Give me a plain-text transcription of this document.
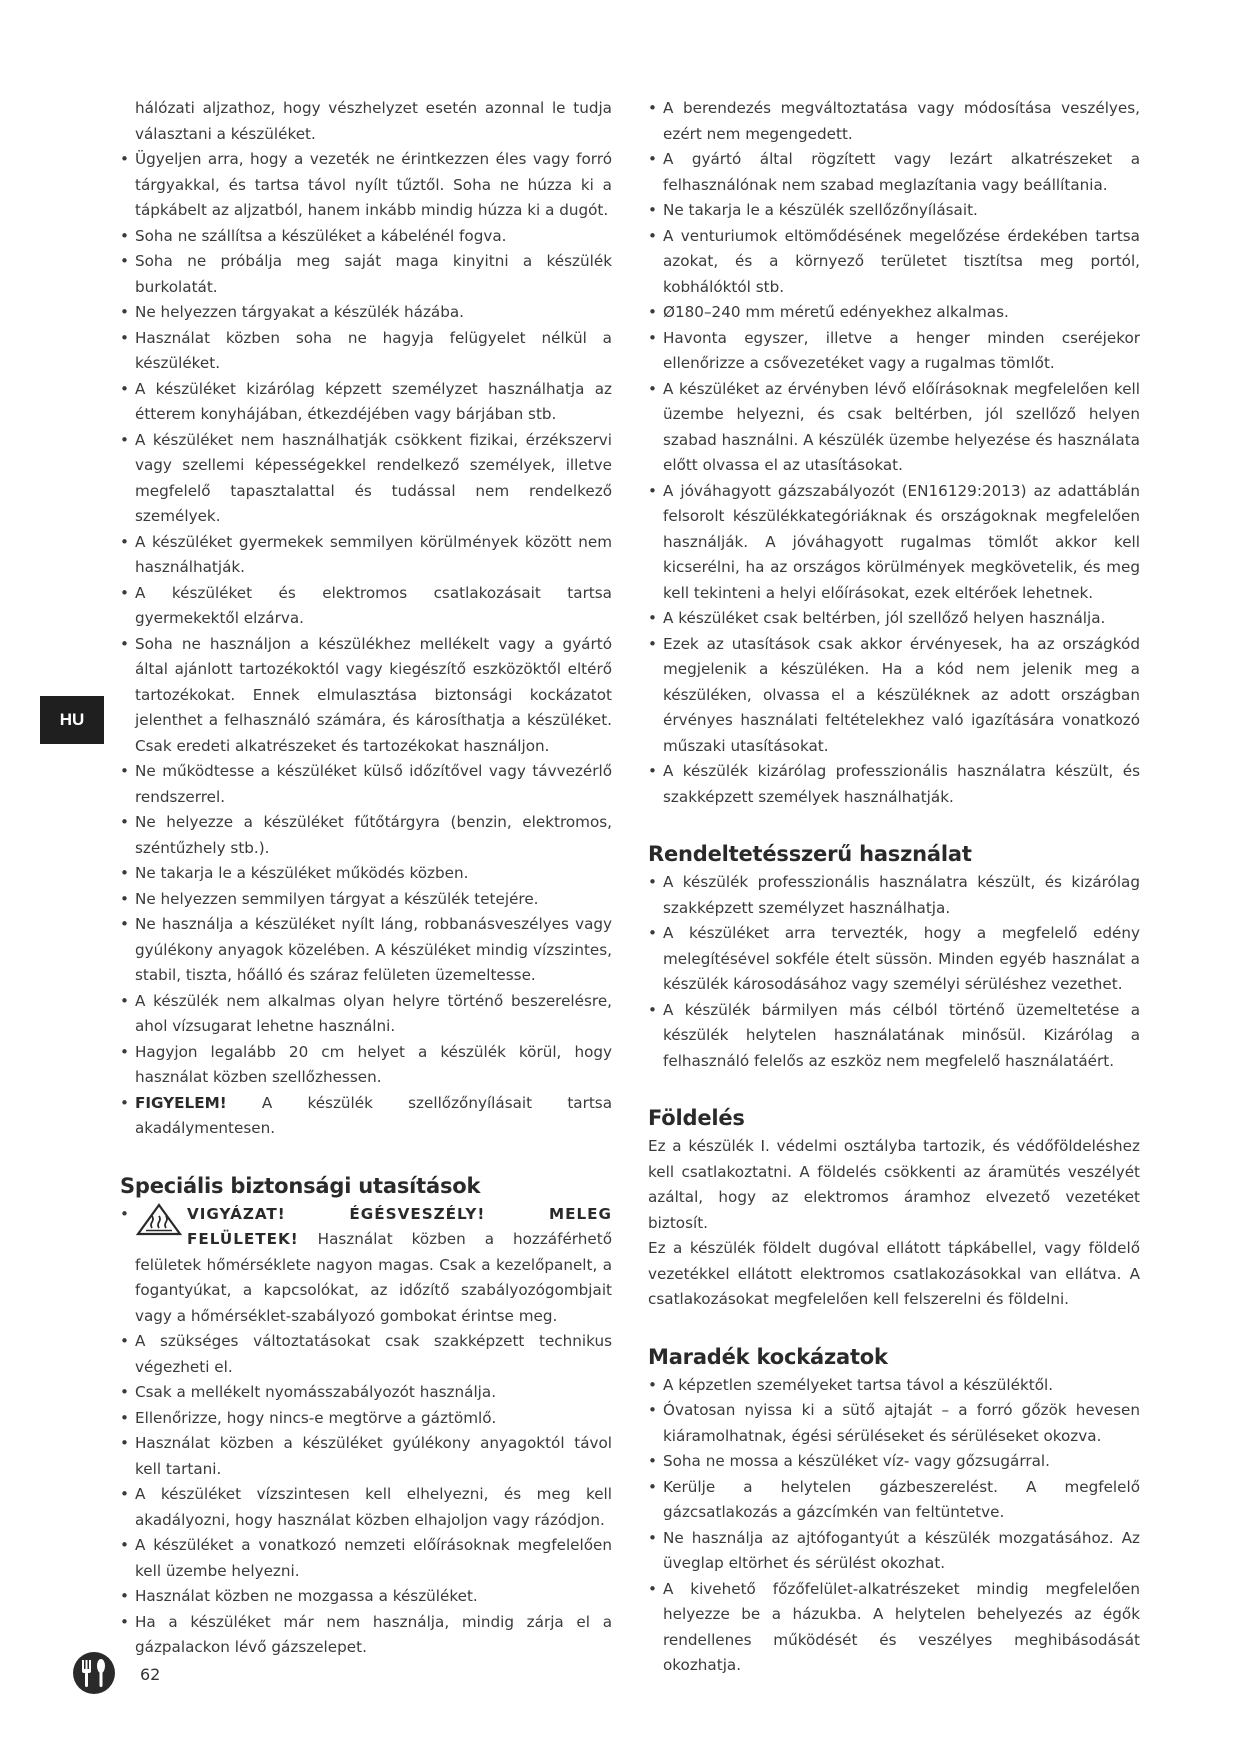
HU
hálózati aljzathoz, hogy vészhelyzet esetén azonnal le tudja választani a készüléket.
• Ügyeljen arra, hogy a vezeték ne érintkezzen éles vagy forró tárgyakkal, és tartsa távol nyílt tűztől. Soha ne húzza ki a tápkábelt az aljzatból, hanem inkább mindig húzza ki a dugót.
• Soha ne szállítsa a készüléket a kábelénél fogva.
• Soha ne próbálja meg saját maga kinyitni a készülék burkolatát.
• Ne helyezzen tárgyakat a készülék házába.
• Használat közben soha ne hagyja felügyelet nélkül a készüléket.
• A készüléket kizárólag képzett személyzet használhatja az étterem konyhájában, étkezdéjében vagy bárjában stb.
• A készüléket nem használhatják csökkent fizikai, érzékszervi vagy szellemi képességekkel rendelkező személyek, illetve megfelelő tapasztalattal és tudással nem rendelkező személyek.
• A készüléket gyermekek semmilyen körülmények között nem használhatják.
• A készüléket és elektromos csatlakozásait tartsa gyermekektől elzárva.
• Soha ne használjon a készülékhez mellékelt vagy a gyártó által ajánlott tartozékoktól vagy kiegészítő eszközöktől eltérő tartozékokat. Ennek elmulasztása biztonsági kockázatot jelenthet a felhasználó számára, és károsíthatja a készüléket. Csak eredeti alkatrészeket és tartozékokat használjon.
• Ne működtesse a készüléket külső időzítővel vagy távvezérlő rendszerrel.
• Ne helyezze a készüléket fűtőtárgyra (benzin, elektromos, széntűzhely stb.).
• Ne takarja le a készüléket működés közben.
• Ne helyezzen semmilyen tárgyat a készülék tetejére.
• Ne használja a készüléket nyílt láng, robbanásveszélyes vagy gyúlékony anyagok közelében. A készüléket mindig vízszintes, stabil, tiszta, hőálló és száraz felületen üzemeltesse.
• A készülék nem alkalmas olyan helyre történő beszerelésre, ahol vízsugarat lehetne használni.
• Hagyjon legalább 20 cm helyet a készülék körül, hogy használat közben szellőzhessen.
• FIGYELEM! A készülék szellőzőnyílásait tartsa akadálymentesen.
Speciális biztonsági utasítások
• VIGYÁZAT! ÉGÉSVESZÉLY! MELEG FELÜLETEK! Használat közben a hozzáférhető felületek hőmérséklete nagyon magas. Csak a kezelőpanelt, a fogantyúkat, a kapcsolókat, az időzítő szabályozógombjait vagy a hőmérséklet-szabályozó gombokat érintse meg.
• A szükséges változtatásokat csak szakképzett technikus végezheti el.
• Csak a mellékelt nyomásszabályozót használja.
• Ellenőrizze, hogy nincs-e megtörve a gáztömlő.
• Használat közben a készüléket gyúlékony anyagoktól távol kell tartani.
• A készüléket vízszintesen kell elhelyezni, és meg kell akadályozni, hogy használat közben elhajoljon vagy rázódjon.
• A készüléket a vonatkozó nemzeti előírásoknak megfelelően kell üzembe helyezni.
• Használat közben ne mozgassa a készüléket.
• Ha a készüléket már nem használja, mindig zárja el a gázpalackon lévő gázszelepet.
• A berendezés megváltoztatása vagy módosítása veszélyes, ezért nem megengedett.
• A gyártó által rögzített vagy lezárt alkatrészeket a felhasználónak nem szabad meglazítania vagy beállítania.
• Ne takarja le a készülék szellőzőnyílásait.
• A venturiumok eltömődésének megelőzése érdekében tartsa azokat, és a környező területet tisztítsa meg portól, kobhálóktól stb.
• Ø180–240 mm méretű edényekhez alkalmas.
• Havonta egyszer, illetve a henger minden cseréjekor ellenőrizze a csővezetéket vagy a rugalmas tömlőt.
• A készüléket az érvényben lévő előírásoknak megfelelően kell üzembe helyezni, és csak beltérben, jól szellőző helyen szabad használni. A készülék üzembe helyezése és használata előtt olvassa el az utasításokat.
• A jóváhagyott gázszabályozót (EN16129:2013) az adattáblán felsorolt készülékkategóriáknak és országoknak megfelelően használják. A jóváhagyott rugalmas tömlőt akkor kell kicserélni, ha az országos körülmények megkövetelik, és meg kell tekinteni a helyi előírásokat, ezek eltérőek lehetnek.
• A készüléket csak beltérben, jól szellőző helyen használja.
• Ezek az utasítások csak akkor érvényesek, ha az országkód megjelenik a készüléken. Ha a kód nem jelenik meg a készüléken, olvassa el a készüléknek az adott országban érvényes használati feltételekhez való igazítására vonatkozó műszaki utasításokat.
• A készülék kizárólag professzionális használatra készült, és szakképzett személyek használhatják.
Rendeltetésszerű használat
• A készülék professzionális használatra készült, és kizárólag szakképzett személyzet használhatja.
• A készüléket arra tervezték, hogy a megfelelő edény melegítésével sokféle ételt süssön. Minden egyéb használat a készülék károsodásához vagy személyi sérüléshez vezethet.
• A készülék bármilyen más célból történő üzemeltetése a készülék helytelen használatának minősül. Kizárólag a felhasználó felelős az eszköz nem megfelelő használatáért.
Földelés

Ez a készülék I. védelmi osztályba tartozik, és védőföldeléshez kell csatlakoztatni. A földelés csökkenti az áramütés veszélyét azáltal, hogy az elektromos áramhoz elvezető vezetéket biztosít.

Ez a készülék földelt dugóval ellátott tápkábellel, vagy földelő vezetékkel ellátott elektromos csatlakozásokkal van ellátva. A csatlakozásokat megfelelően kell felszerelni és földelni.

Maradék kockázatok
• A képzetlen személyeket tartsa távol a készüléktől.
• Óvatosan nyissa ki a sütő ajtaját – a forró gőzök hevesen kiáramolhatnak, égési sérüléseket és sérüléseket okozva.
• Soha ne mossa a készüléket víz- vagy gőzsugárral.
• Kerülje a helytelen gázbeszerelést. A megfelelő gázcsatlakozás a gázcímkén van feltüntetve.
• Ne használja az ajtófogantyút a készülék mozgatásához. Az üveglap eltörhet és sérülést okozhat.
• A kivehető főzőfelület-alkatrészeket mindig megfelelően helyezze be a házukba. A helytelen behelyezés az égők rendellenes működését és veszélyes meghibásodását okozhatja.
62
